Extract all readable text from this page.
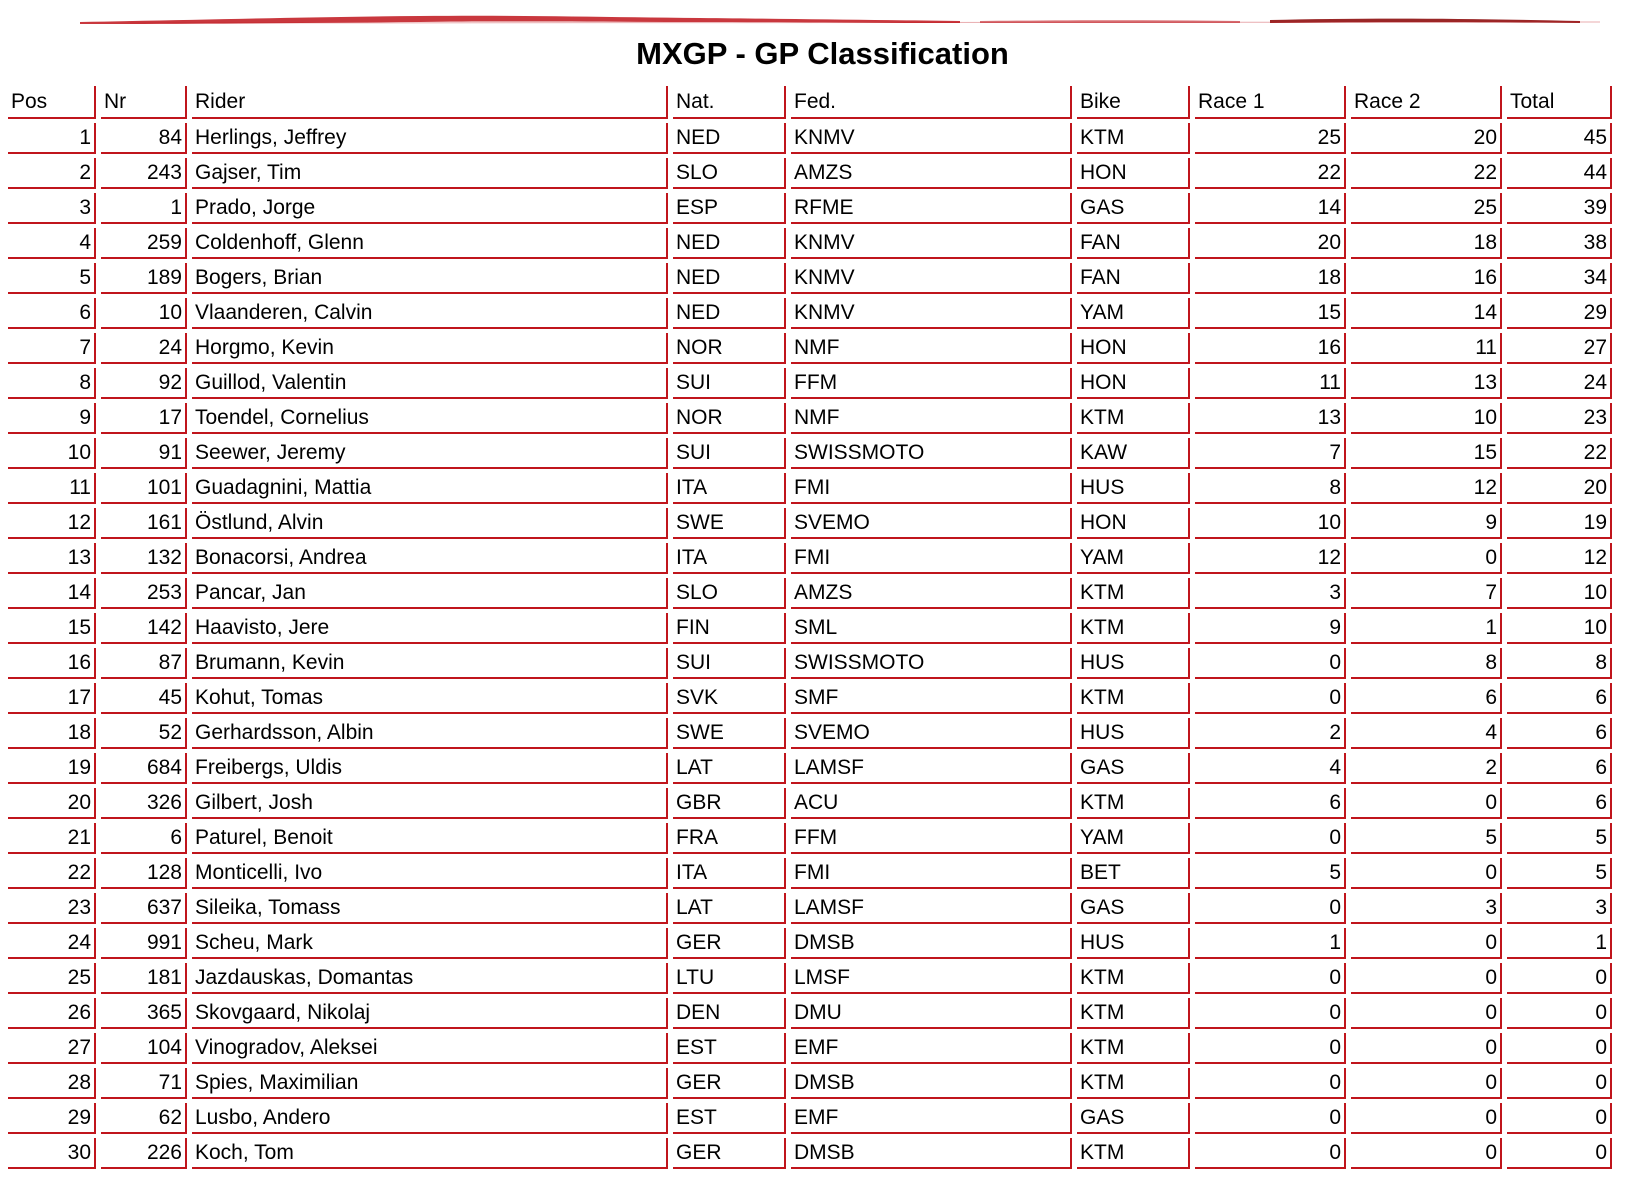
MXGP - GP Classification
Pos	Nr	Rider	Nat.	Fed.	Bike	Race 1	Race 2	Total
1	84	Herlings, Jeffrey	NED	KNMV	KTM	25	20	45
2	243	Gajser, Tim	SLO	AMZS	HON	22	22	44
3	1	Prado, Jorge	ESP	RFME	GAS	14	25	39
4	259	Coldenhoff, Glenn	NED	KNMV	FAN	20	18	38
5	189	Bogers, Brian	NED	KNMV	FAN	18	16	34
6	10	Vlaanderen, Calvin	NED	KNMV	YAM	15	14	29
7	24	Horgmo, Kevin	NOR	NMF	HON	16	11	27
8	92	Guillod, Valentin	SUI	FFM	HON	11	13	24
9	17	Toendel, Cornelius	NOR	NMF	KTM	13	10	23
10	91	Seewer, Jeremy	SUI	SWISSMOTO	KAW	7	15	22
11	101	Guadagnini, Mattia	ITA	FMI	HUS	8	12	20
12	161	Östlund, Alvin	SWE	SVEMO	HON	10	9	19
13	132	Bonacorsi, Andrea	ITA	FMI	YAM	12	0	12
14	253	Pancar, Jan	SLO	AMZS	KTM	3	7	10
15	142	Haavisto, Jere	FIN	SML	KTM	9	1	10
16	87	Brumann, Kevin	SUI	SWISSMOTO	HUS	0	8	8
17	45	Kohut, Tomas	SVK	SMF	KTM	0	6	6
18	52	Gerhardsson, Albin	SWE	SVEMO	HUS	2	4	6
19	684	Freibergs, Uldis	LAT	LAMSF	GAS	4	2	6
20	326	Gilbert, Josh	GBR	ACU	KTM	6	0	6
21	6	Paturel, Benoit	FRA	FFM	YAM	0	5	5
22	128	Monticelli, Ivo	ITA	FMI	BET	5	0	5
23	637	Sileika, Tomass	LAT	LAMSF	GAS	0	3	3
24	991	Scheu, Mark	GER	DMSB	HUS	1	0	1
25	181	Jazdauskas, Domantas	LTU	LMSF	KTM	0	0	0
26	365	Skovgaard, Nikolaj	DEN	DMU	KTM	0	0	0
27	104	Vinogradov, Aleksei	EST	EMF	KTM	0	0	0
28	71	Spies, Maximilian	GER	DMSB	KTM	0	0	0
29	62	Lusbo, Andero	EST	EMF	GAS	0	0	0
30	226	Koch, Tom	GER	DMSB	KTM	0	0	0
